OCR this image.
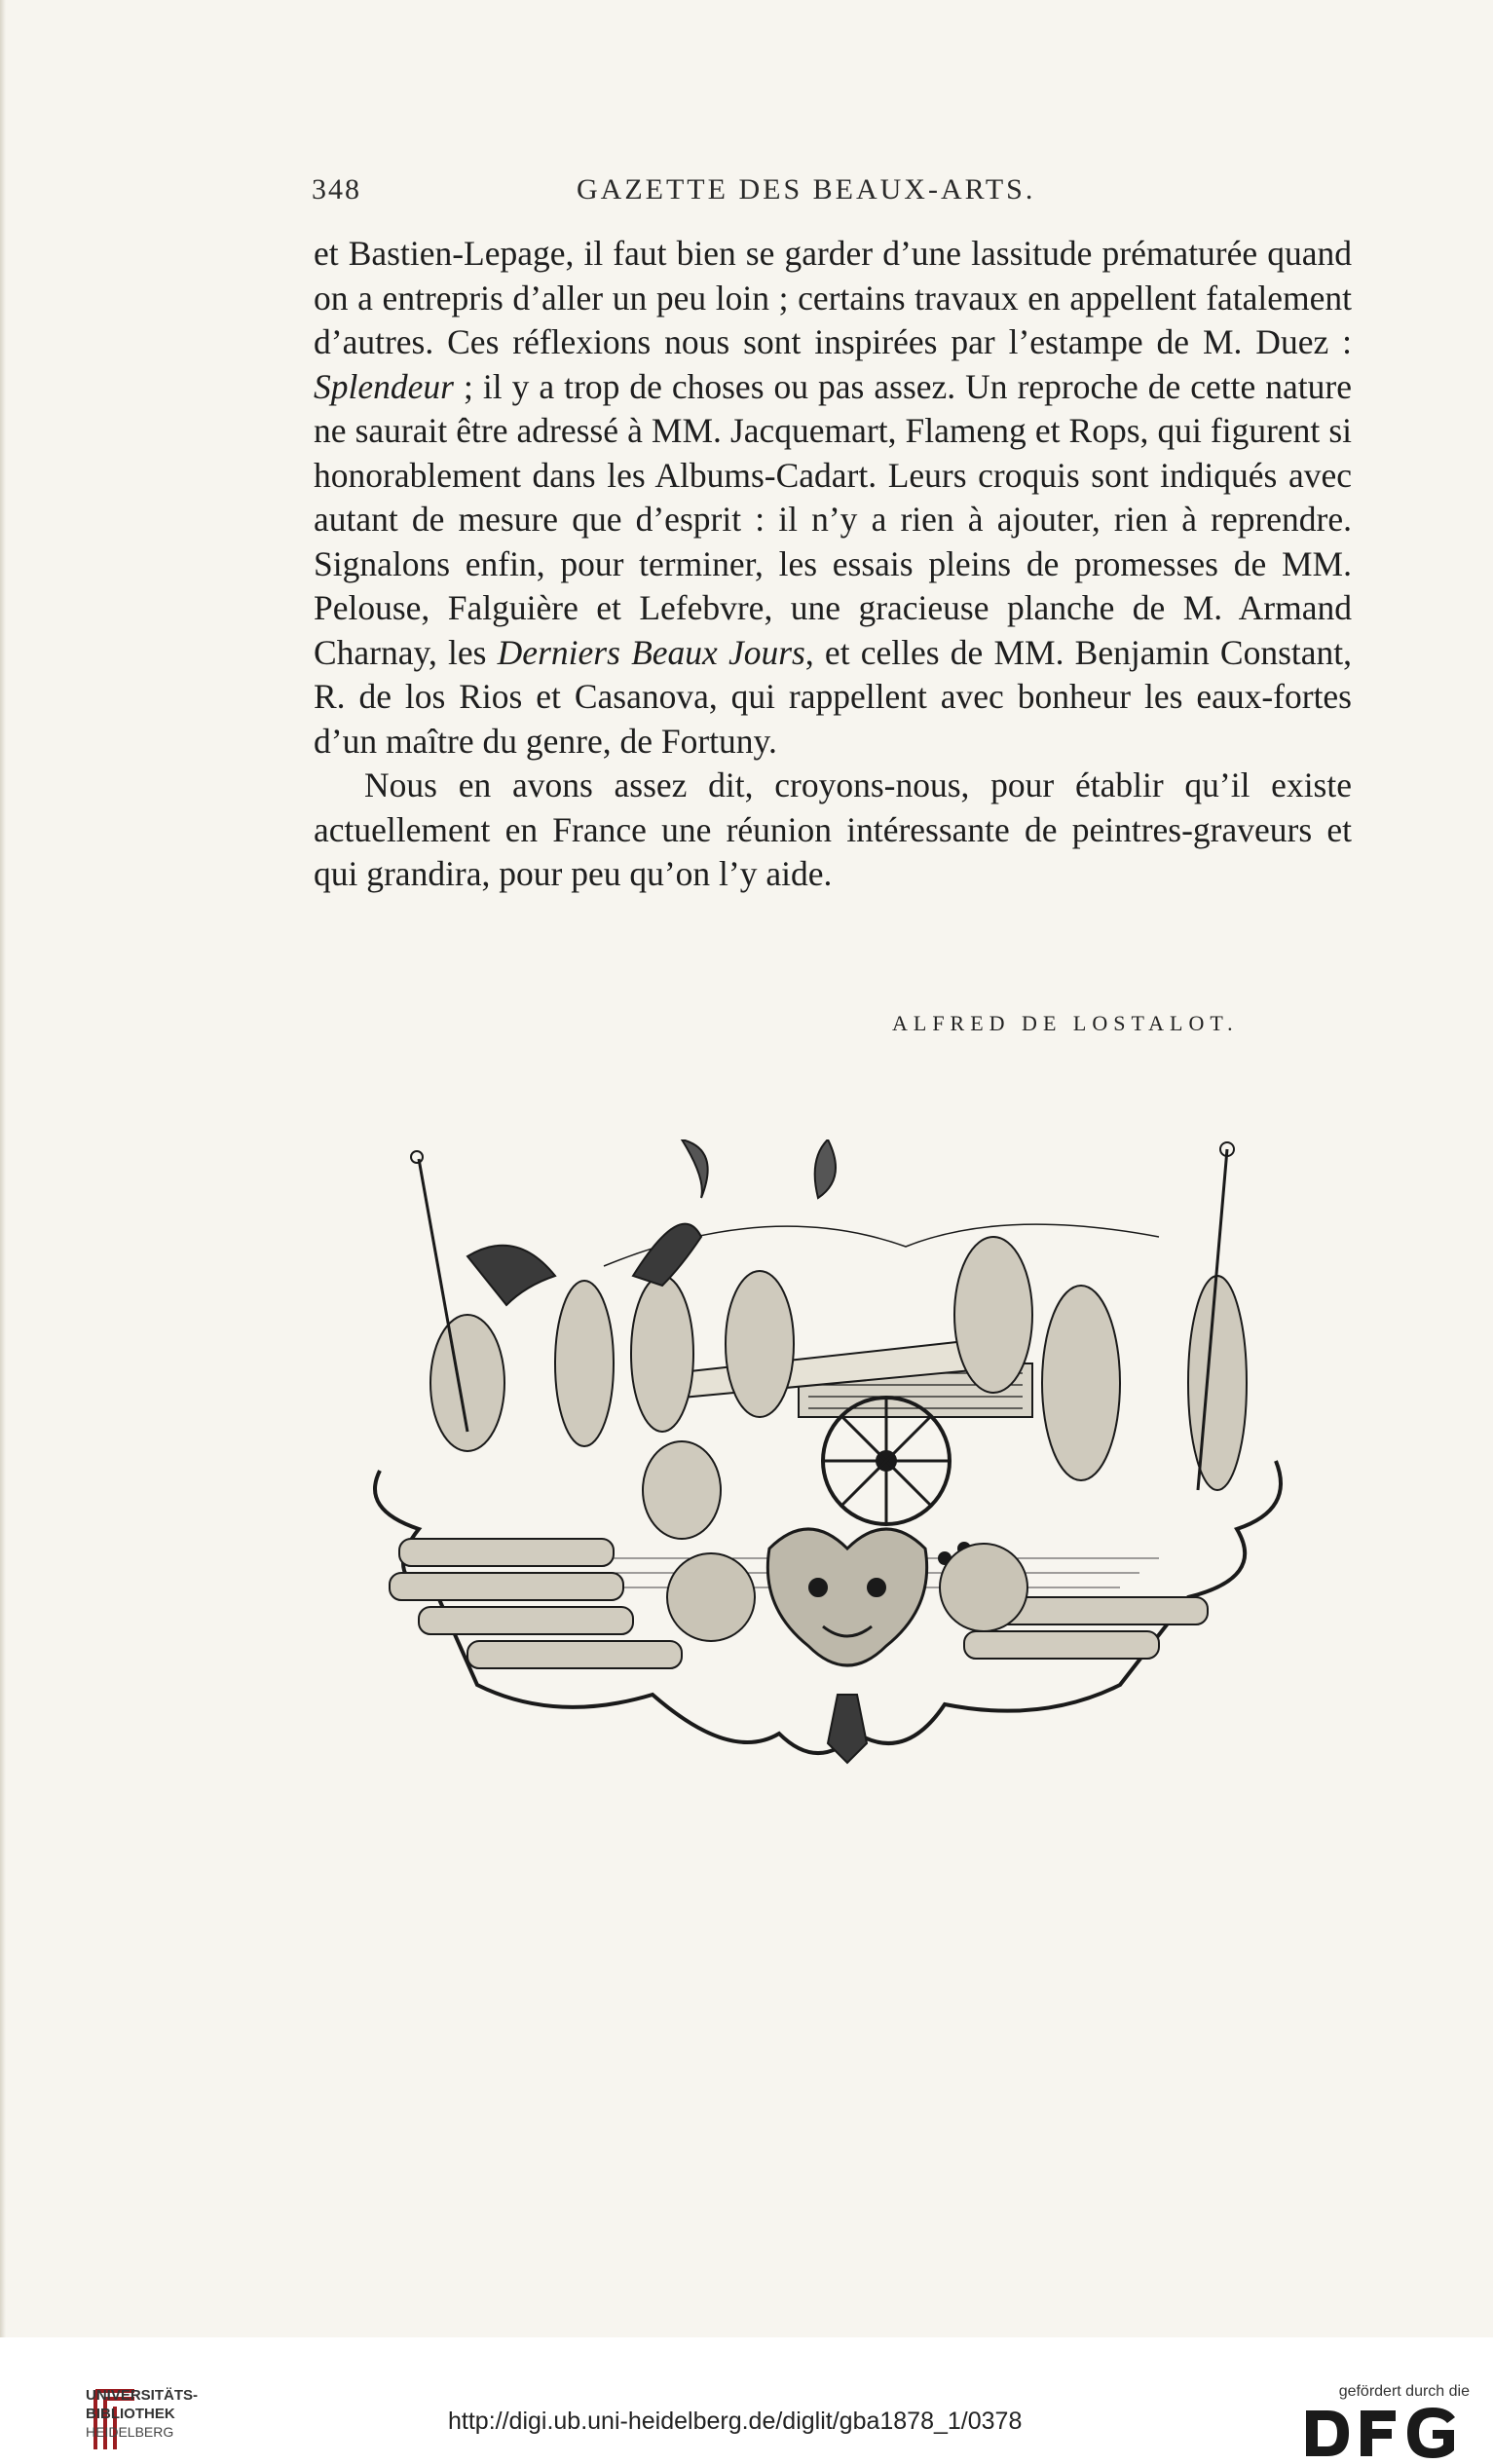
348	GAZETTE DES BEAUX-ARTS.

et Bastien-Lepage, il faut bien se garder d’une lassitude prématurée quand on a entrepris d’aller un peu loin ; certains travaux en appellent fatalement d’autres. Ces réflexions nous sont inspirées par l’estampe de M. Duez : Splendeur ; il y a trop de choses ou pas assez. Un reproche de cette nature ne saurait être adressé à MM. Jacquemart, Flameng et Rops, qui figurent si honorablement dans les Albums-Cadart. Leurs croquis sont indiqués avec autant de mesure que d’esprit : il n’y a rien à ajouter, rien à reprendre. Signalons enfin, pour terminer, les essais pleins de promesses de MM. Pelouse, Falguière et Lefebvre, une gracieuse planche de M. Armand Charnay, les Derniers Beaux Jours, et celles de MM. Benjamin Constant, R. de los Rios et Casanova, qui rappellent avec bonheur les eaux-fortes d’un maître du genre, de Fortuny.

Nous en avons assez dit, croyons-nous, pour établir qu’il existe actuellement en France une réunion intéressante de peintres-graveurs et qui grandira, pour peu qu’on l’y aide.

ALFRED DE LOSTALOT.
UNIVERSITÄTS-
BIBLIOTHEK
HEIDELBERG	http://digi.ub.uni-heidelberg.de/diglit/gba1878_1/0378
gefördert durch die
